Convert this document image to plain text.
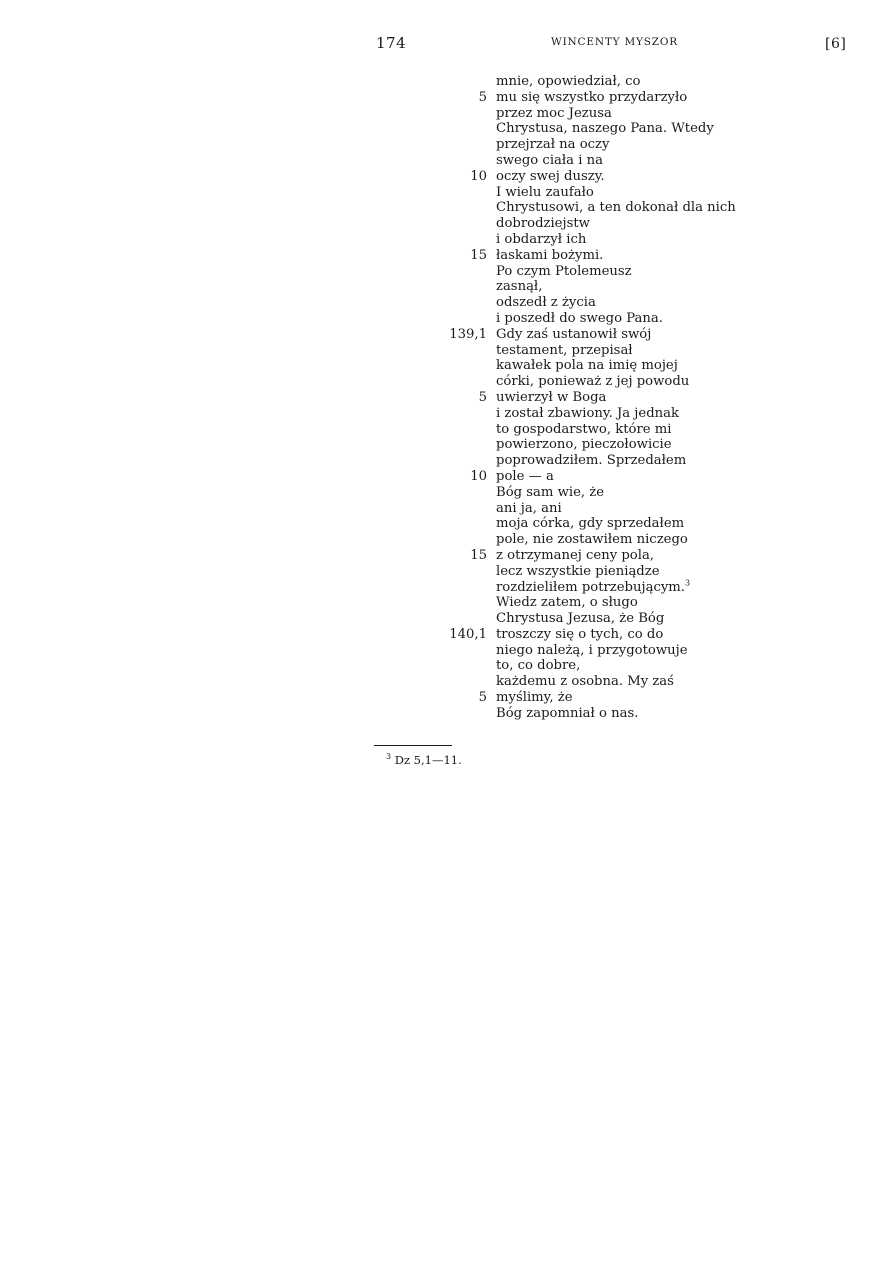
174	WINCENTY MYSZOR	[6]
mnie, opowiedział, co
5 mu się wszystko przydarzyło
przez moc Jezusa
Chrystusa, naszego Pana. Wtedy
przejrzał na oczy
swego ciała i na
10 oczy swej duszy.
I wielu zaufało
Chrystusowi, a ten dokonał dla nich
dobrodziejstw
i obdarzył ich
15 łaskami bożymi.
Po czym Ptolemeusz
zasnął,
odszedł z życia
i poszedł do swego Pana.
139,1 Gdy zaś ustanowił swój
testament, przepisał
kawałek pola na imię mojej
córki, ponieważ z jej powodu
5 uwierzył w Boga
i został zbawiony. Ja jednak
to gospodarstwo, które mi
powierzono, pieczołowicie
poprowadziłem. Sprzedałem
10 pole — a
Bóg sam wie, że
ani ja, ani
moja córka, gdy sprzedałem
pole, nie zostawiłem niczego
15 z otrzymanej ceny pola,
lecz wszystkie pieniądze
rozdzieliłem potrzebującym.$^3$
Wiedz zatem, o sługo
Chrystusa Jezusa, że Bóg
140,1 troszczy się o tych, co do
niego należą, i przygotowuje
to, co dobre,
każdemu z osobna. My zaś
5 myślimy, że
Bóg zapomniał o nas.
$^3$ Dz 5,1—11.
